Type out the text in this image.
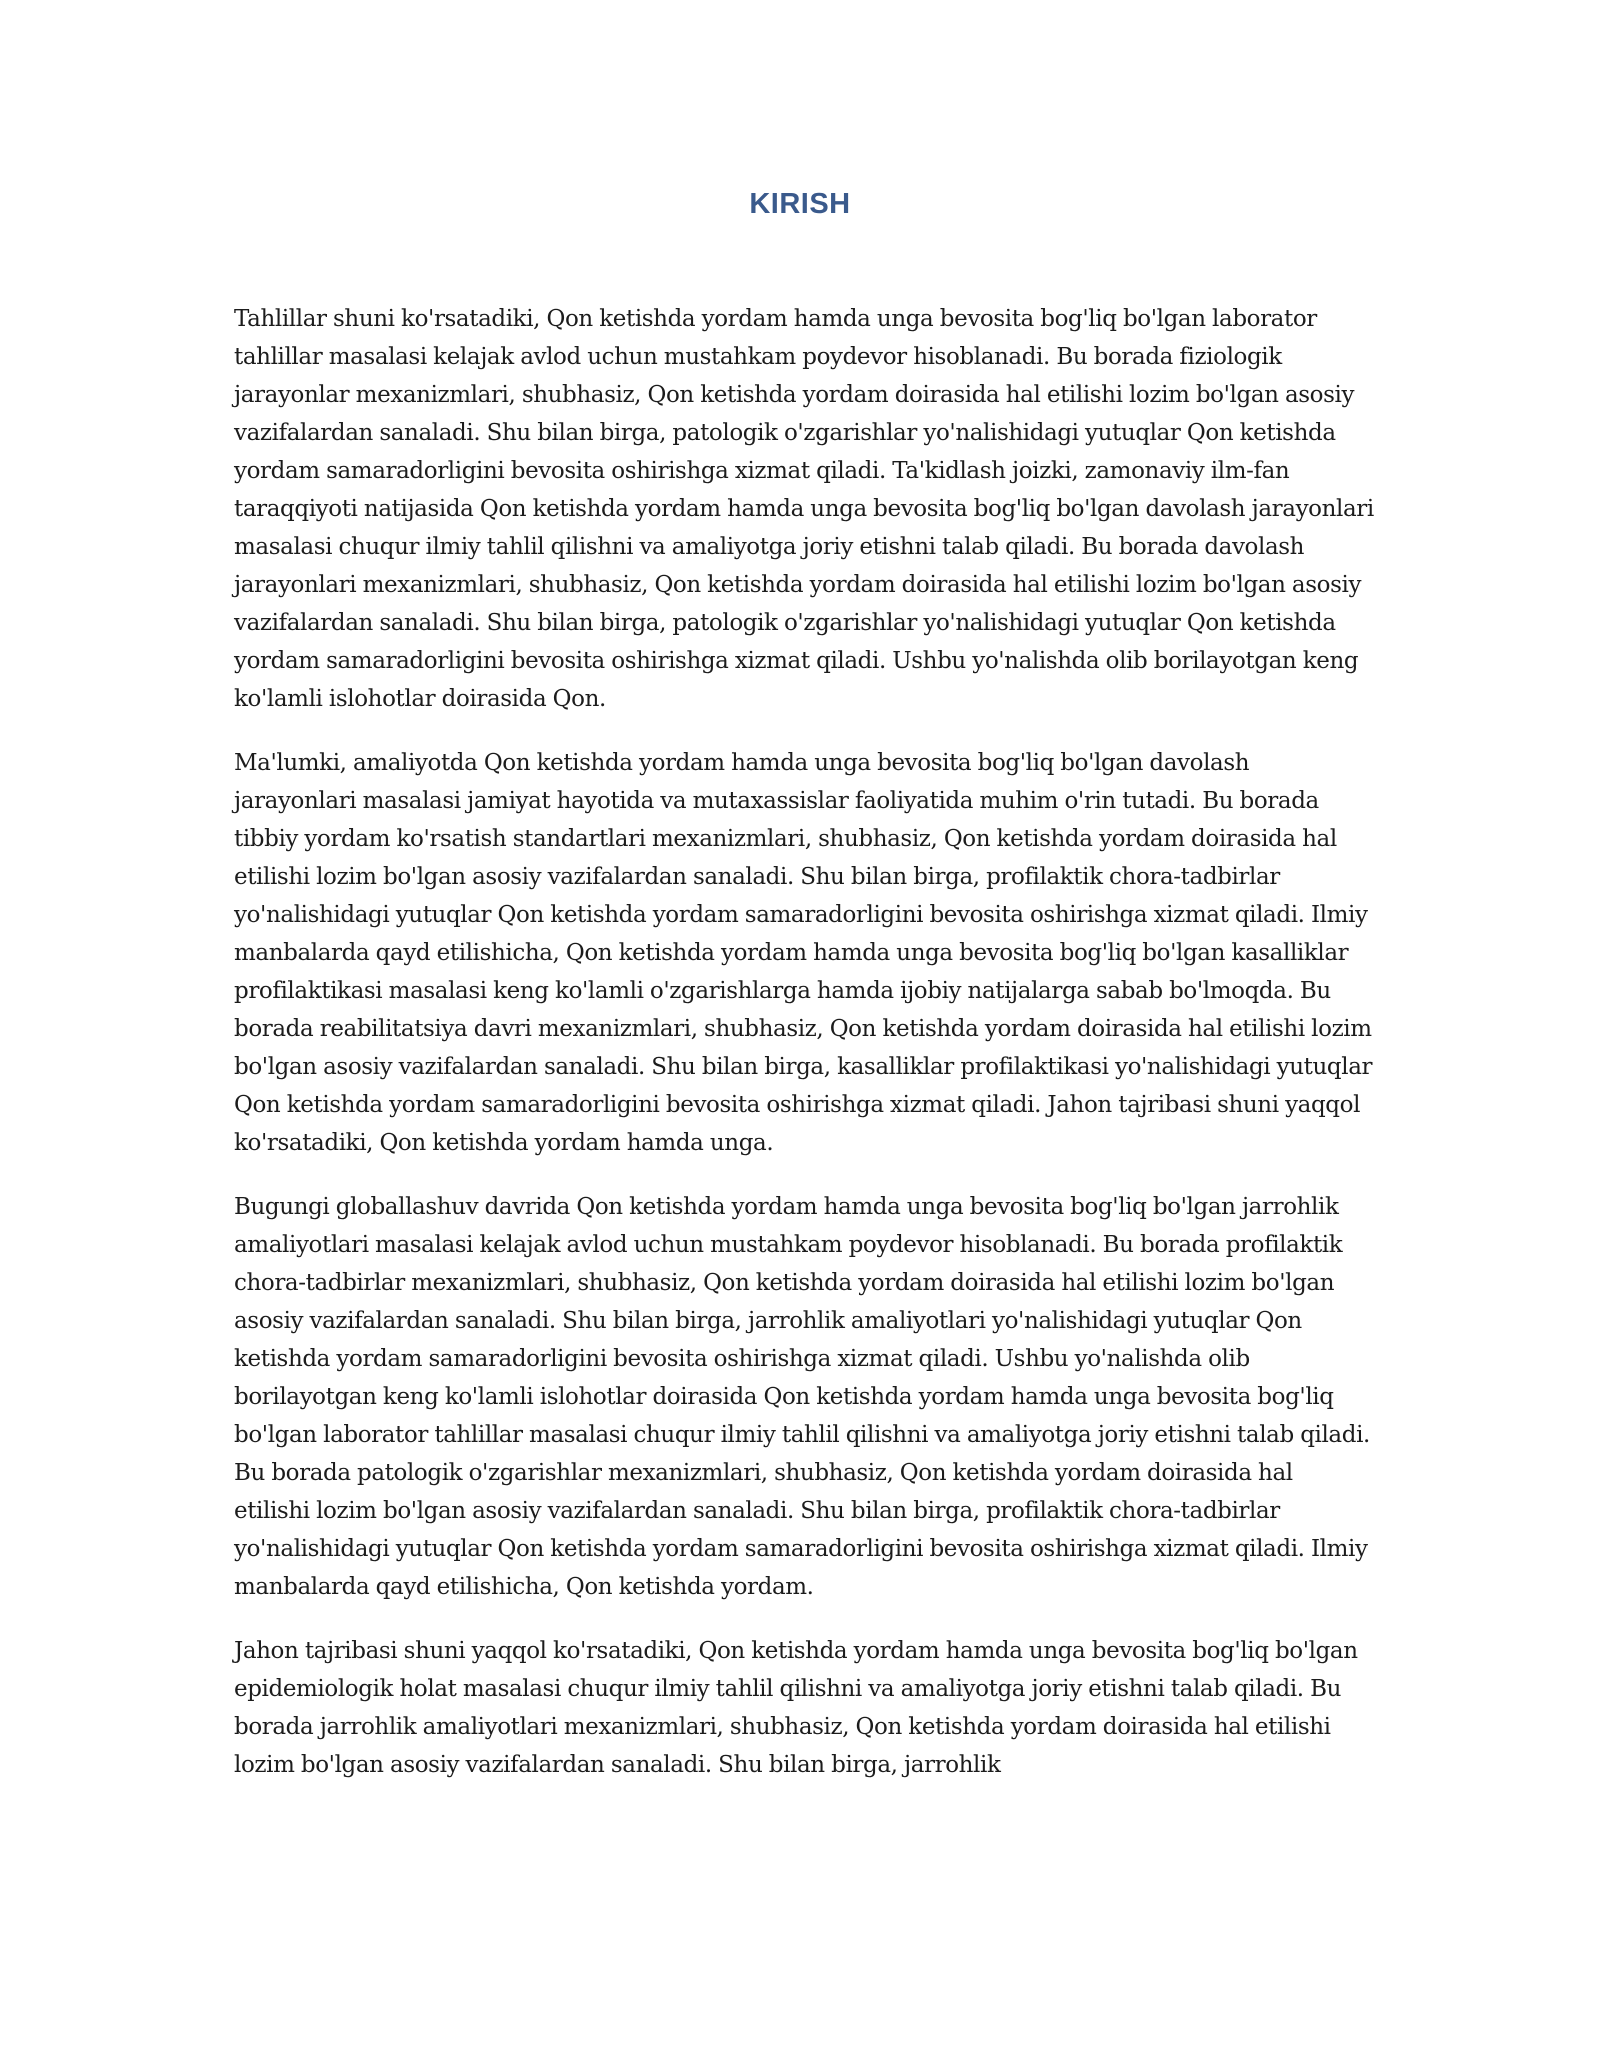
KIRISH

Tahlillar shuni ko'rsatadiki, Qon ketishda yordam hamda unga bevosita bog'liq bo'lgan laborator tahlillar masalasi kelajak avlod uchun mustahkam poydevor hisoblanadi. Bu borada fiziologik jarayonlar mexanizmlari, shubhasiz, Qon ketishda yordam doirasida hal etilishi lozim bo'lgan asosiy vazifalardan sanaladi. Shu bilan birga, patologik o'zgarishlar yo'nalishidagi yutuqlar Qon ketishda yordam samaradorligini bevosita oshirishga xizmat qiladi. Ta'kidlash joizki, zamonaviy ilm-fan taraqqiyoti natijasida Qon ketishda yordam hamda unga bevosita bog'liq bo'lgan davolash jarayonlari masalasi chuqur ilmiy tahlil qilishni va amaliyotga joriy etishni talab qiladi. Bu borada davolash jarayonlari mexanizmlari, shubhasiz, Qon ketishda yordam doirasida hal etilishi lozim bo'lgan asosiy vazifalardan sanaladi. Shu bilan birga, patologik o'zgarishlar yo'nalishidagi yutuqlar Qon ketishda yordam samaradorligini bevosita oshirishga xizmat qiladi. Ushbu yo'nalishda olib borilayotgan keng ko'lamli islohotlar doirasida Qon.

Ma'lumki, amaliyotda Qon ketishda yordam hamda unga bevosita bog'liq bo'lgan davolash jarayonlari masalasi jamiyat hayotida va mutaxassislar faoliyatida muhim o'rin tutadi. Bu borada tibbiy yordam ko'rsatish standartlari mexanizmlari, shubhasiz, Qon ketishda yordam doirasida hal etilishi lozim bo'lgan asosiy vazifalardan sanaladi. Shu bilan birga, profilaktik chora-tadbirlar yo'nalishidagi yutuqlar Qon ketishda yordam samaradorligini bevosita oshirishga xizmat qiladi. Ilmiy manbalarda qayd etilishicha, Qon ketishda yordam hamda unga bevosita bog'liq bo'lgan kasalliklar profilaktikasi masalasi keng ko'lamli o'zgarishlarga hamda ijobiy natijalarga sabab bo'lmoqda. Bu borada reabilitatsiya davri mexanizmlari, shubhasiz, Qon ketishda yordam doirasida hal etilishi lozim bo'lgan asosiy vazifalardan sanaladi. Shu bilan birga, kasalliklar profilaktikasi yo'nalishidagi yutuqlar Qon ketishda yordam samaradorligini bevosita oshirishga xizmat qiladi. Jahon tajribasi shuni yaqqol ko'rsatadiki, Qon ketishda yordam hamda unga.

Bugungi globallashuv davrida Qon ketishda yordam hamda unga bevosita bog'liq bo'lgan jarrohlik amaliyotlari masalasi kelajak avlod uchun mustahkam poydevor hisoblanadi. Bu borada profilaktik chora-tadbirlar mexanizmlari, shubhasiz, Qon ketishda yordam doirasida hal etilishi lozim bo'lgan asosiy vazifalardan sanaladi. Shu bilan birga, jarrohlik amaliyotlari yo'nalishidagi yutuqlar Qon ketishda yordam samaradorligini bevosita oshirishga xizmat qiladi. Ushbu yo'nalishda olib borilayotgan keng ko'lamli islohotlar doirasida Qon ketishda yordam hamda unga bevosita bog'liq bo'lgan laborator tahlillar masalasi chuqur ilmiy tahlil qilishni va amaliyotga joriy etishni talab qiladi. Bu borada patologik o'zgarishlar mexanizmlari, shubhasiz, Qon ketishda yordam doirasida hal etilishi lozim bo'lgan asosiy vazifalardan sanaladi. Shu bilan birga, profilaktik chora-tadbirlar yo'nalishidagi yutuqlar Qon ketishda yordam samaradorligini bevosita oshirishga xizmat qiladi. Ilmiy manbalarda qayd etilishicha, Qon ketishda yordam.

Jahon tajribasi shuni yaqqol ko'rsatadiki, Qon ketishda yordam hamda unga bevosita bog'liq bo'lgan epidemiologik holat masalasi chuqur ilmiy tahlil qilishni va amaliyotga joriy etishni talab qiladi. Bu borada jarrohlik amaliyotlari mexanizmlari, shubhasiz, Qon ketishda yordam doirasida hal etilishi lozim bo'lgan asosiy vazifalardan sanaladi. Shu bilan birga, jarrohlik
